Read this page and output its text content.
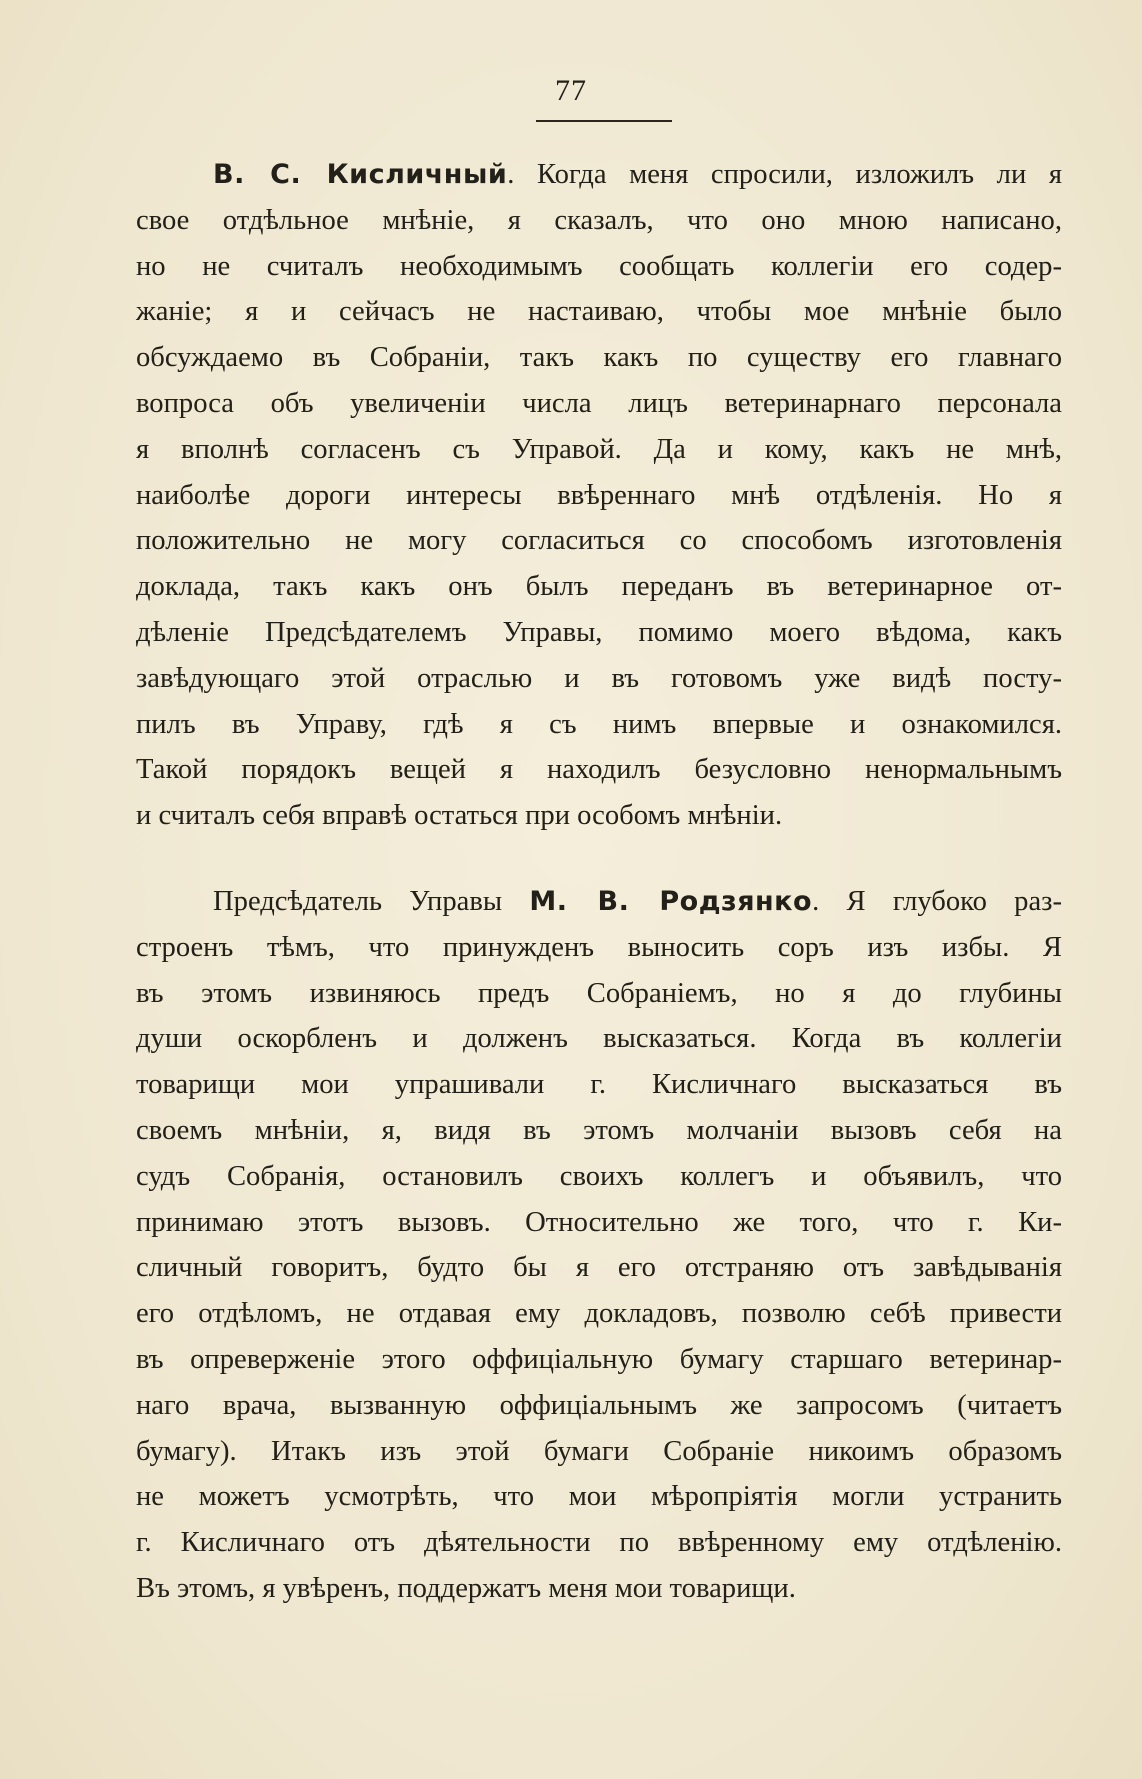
77
В. С. Кисличный. Когда меня спросили, изложилъ ли я
свое отдѣльное мнѣніе, я сказалъ, что оно мною написано,
но не считалъ необходимымъ сообщать коллегіи его содер-
жаніе; я и сейчасъ не настаиваю, чтобы мое мнѣніе было
обсуждаемо въ Собраніи, такъ какъ по существу его главнаго
вопроса объ увеличеніи числа лицъ ветеринарнаго персонала
я вполнѣ согласенъ съ Управой. Да и кому, какъ не мнѣ,
наиболѣе дороги интересы ввѣреннаго мнѣ отдѣленія. Но я
положительно не могу согласиться со способомъ изготовленія
доклада, такъ какъ онъ былъ переданъ въ ветеринарное от-
дѣленіе Предсѣдателемъ Управы, помимо моего вѣдома, какъ
завѣдующаго этой отраслью и въ готовомъ уже видѣ посту-
пилъ въ Управу, гдѣ я съ нимъ впервые и ознакомился.
Такой порядокъ вещей я находилъ безусловно ненормальнымъ
и считалъ себя вправѣ остаться при особомъ мнѣніи.
Предсѣдатель Управы М. В. Родзянко. Я глубоко раз-
строенъ тѣмъ, что принужденъ выносить соръ изъ избы. Я
въ этомъ извиняюсь предъ Собраніемъ, но я до глубины
души оскорбленъ и долженъ высказаться. Когда въ коллегіи
товарищи мои упрашивали г. Кисличнаго высказаться въ
своемъ мнѣніи, я, видя въ этомъ молчаніи вызовъ себя на
судъ Собранія, остановилъ своихъ коллегъ и объявилъ, что
принимаю этотъ вызовъ. Относительно же того, что г. Ки-
сличный говоритъ, будто бы я его отстраняю отъ завѣдыванія
его отдѣломъ, не отдавая ему докладовъ, позволю себѣ привести
въ опреверженіе этого оффиціальную бумагу старшаго ветеринар-
наго врача, вызванную оффиціальнымъ же запросомъ (читаетъ
бумагу). Итакъ изъ этой бумаги Собраніе никоимъ образомъ
не можетъ усмотрѣть, что мои мѣропріятія могли устранить
г. Кисличнаго отъ дѣятельности по ввѣренному ему отдѣленію.
Въ этомъ, я увѣренъ, поддержатъ меня мои товарищи.
